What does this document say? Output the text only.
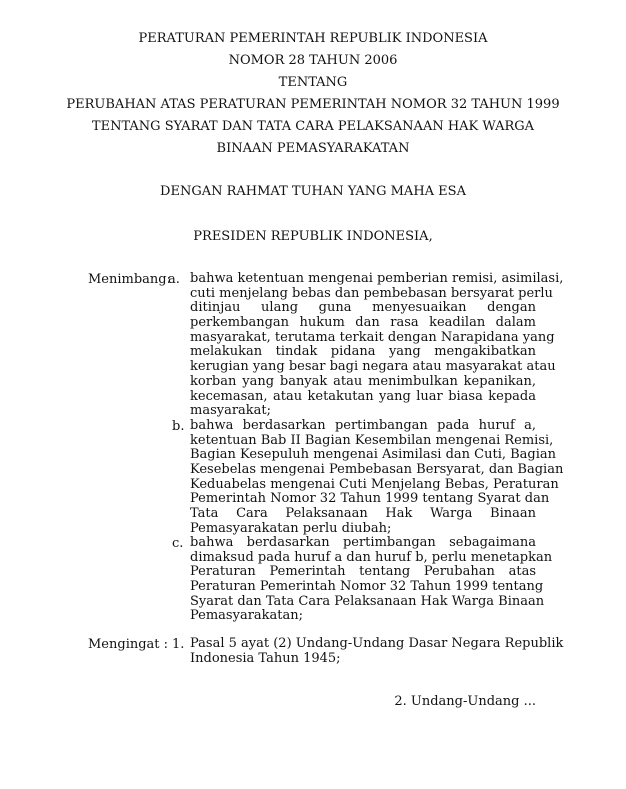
PERATURAN PEMERINTAH REPUBLIK INDONESIA
NOMOR 28 TAHUN 2006
TENTANG
PERUBAHAN ATAS PERATURAN PEMERINTAH NOMOR 32 TAHUN 1999
TENTANG SYARAT DAN TATA CARA PELAKSANAAN HAK WARGA
BINAAN PEMASYARAKATAN
DENGAN RAHMAT TUHAN YANG MAHA ESA
PRESIDEN REPUBLIK INDONESIA,
Menimbang:
a. bahwa ketentuan mengenai pemberian remisi, asimilasi,
cuti menjelang bebas dan pembebasan bersyarat perlu
ditinjau ulang guna menyesuaikan dengan
perkembangan hukum dan rasa keadilan dalam
masyarakat, terutama terkait dengan Narapidana yang
melakukan tindak pidana yang mengakibatkan
kerugian yang besar bagi negara atau masyarakat atau
korban yang banyak atau menimbulkan kepanikan,
kecemasan, atau ketakutan yang luar biasa kepada
masyarakat;
b. bahwa berdasarkan pertimbangan pada huruf a,
ketentuan Bab II Bagian Kesembilan mengenai Remisi,
Bagian Kesepuluh mengenai Asimilasi dan Cuti, Bagian
Kesebelas mengenai Pembebasan Bersyarat, dan Bagian
Keduabelas mengenai Cuti Menjelang Bebas, Peraturan
Pemerintah Nomor 32 Tahun 1999 tentang Syarat dan
Tata Cara Pelaksanaan Hak Warga Binaan
Pemasyarakatan perlu diubah;
c. bahwa berdasarkan pertimbangan sebagaimana
dimaksud pada huruf a dan huruf b, perlu menetapkan
Peraturan Pemerintah tentang Perubahan atas
Peraturan Pemerintah Nomor 32 Tahun 1999 tentang
Syarat dan Tata Cara Pelaksanaan Hak Warga Binaan
Pemasyarakatan;
Mengingat : 1. Pasal 5 ayat (2) Undang-Undang Dasar Negara Republik
Indonesia Tahun 1945;
2. Undang-Undang ...
